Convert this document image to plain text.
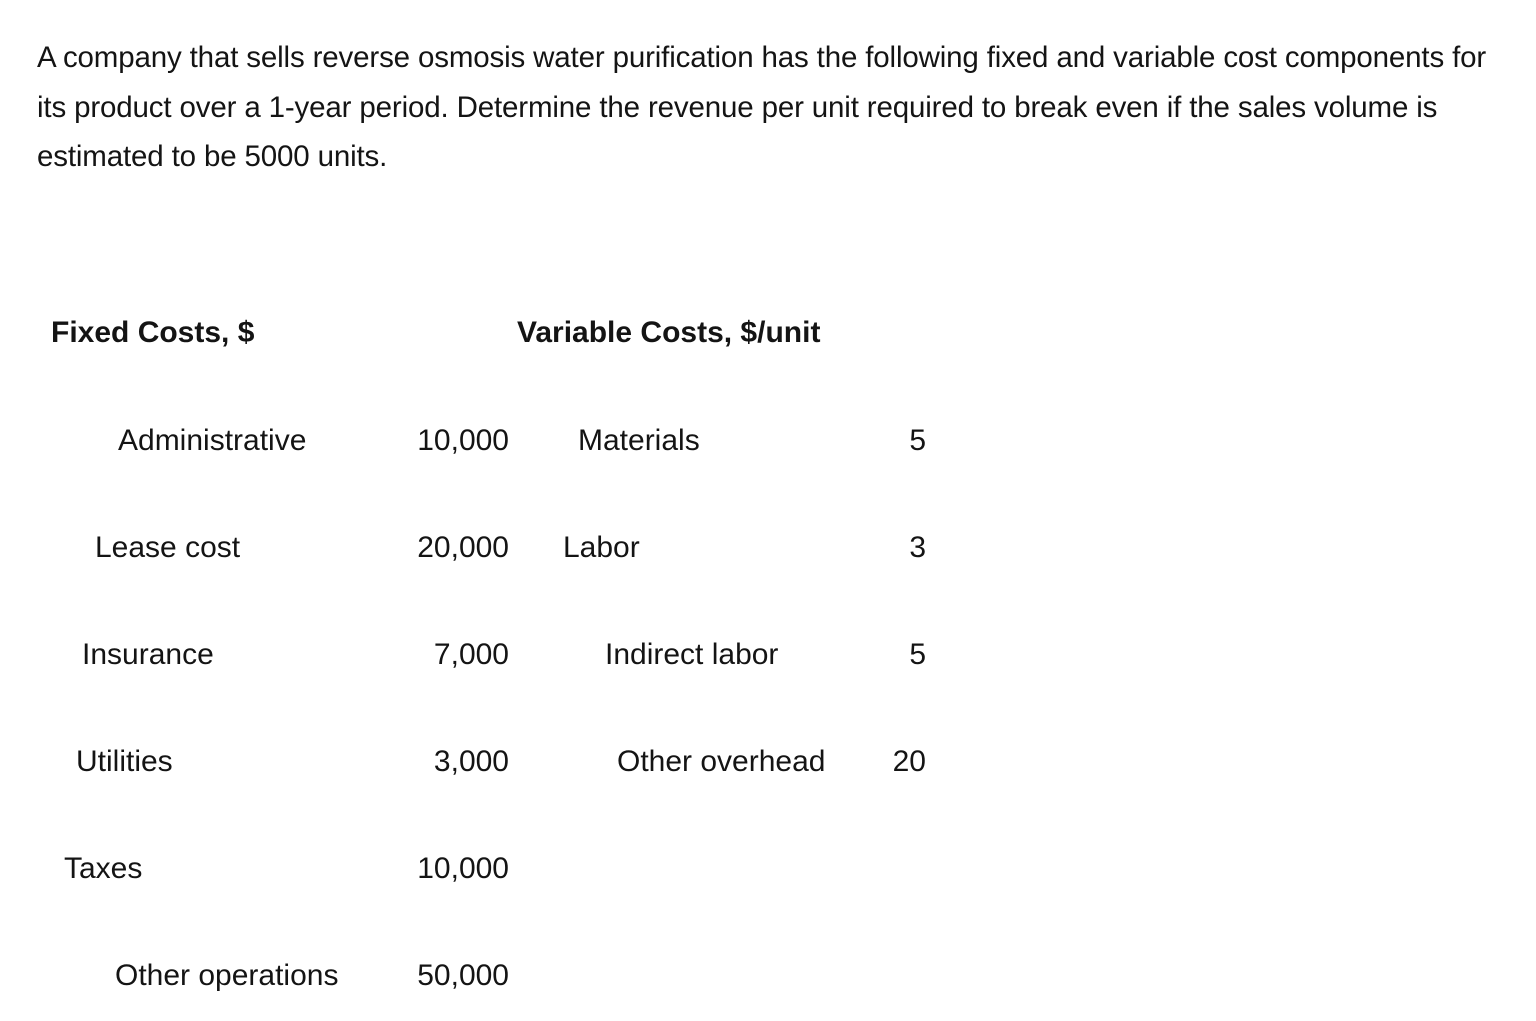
A company that sells reverse osmosis water purification has the following fixed and variable cost components for its product over a 1-year period. Determine the revenue per unit required to break even if the sales volume is estimated to be 5000 units.

Fixed Costs, $	Variable Costs, $/unit
Administrative
Lease cost
Insurance
Utilities
Taxes
Other operations
10,000
20,000
7,000
3,000
10,000
50,000
Materials
Labor
Indirect labor
Other overhead
5
3
5
20
